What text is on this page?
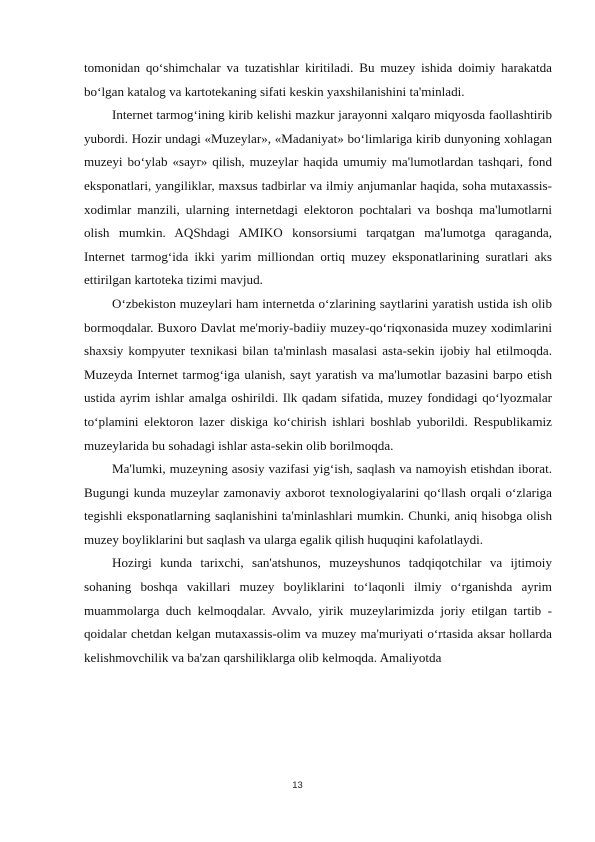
tomonidan qo‘shimchalar va tuzatishlar kiritiladi. Bu muzey ishida doimiy harakatda bo‘lgan katalog va kartotekaning sifati keskin yaxshilanishini ta'minladi.

Internet tarmog‘ining kirib kelishi mazkur jarayonni xalqaro miqyosda faollashtirib yubordi. Hozir undagi «Muzeylar», «Madaniyat» bo‘limlariga kirib dunyoning xohlagan muzeyi bo‘ylab «sayr» qilish, muzeylar haqida umumiy ma'lumotlardan tashqari, fond eksponatlari, yangiliklar, maxsus tadbirlar va ilmiy anjumanlar haqida, soha mutaxassis-xodimlar manzili, ularning internetdagi elektoron pochtalari va boshqa ma'lumotlarni olish mumkin. AQShdagi AMIKO konsorsiumi tarqatgan ma'lumotga qaraganda, Internet tarmog‘ida ikki yarim milliondan ortiq muzey eksponatlarining suratlari aks ettirilgan kartoteka tizimi mavjud.

O‘zbekiston muzeylari ham internetda o‘zlarining saytlarini yaratish ustida ish olib bormoqdalar. Buxoro Davlat me'moriy-badiiy muzey-qo‘riqxonasida muzey xodimlarini shaxsiy kompyuter texnikasi bilan ta'minlash masalasi asta-sekin ijobiy hal etilmoqda. Muzeyda Internet tarmog‘iga ulanish, sayt yaratish va ma'lumotlar bazasini barpo etish ustida ayrim ishlar amalga oshirildi. Ilk qadam sifatida, muzey fondidagi qo‘lyozmalar to‘plamini elektoron lazer diskiga ko‘chirish ishlari boshlab yuborildi. Respublikamiz muzeylarida bu sohadagi ishlar asta-sekin olib borilmoqda.

Ma'lumki, muzeyning asosiy vazifasi yig‘ish, saqlash va namoyish etishdan iborat. Bugungi kunda muzeylar zamonaviy axborot texnologiyalarini qo‘llash orqali o‘zlariga tegishli eksponatlarning saqlanishini ta'minlashlari mumkin. Chunki, aniq hisobga olish muzey boyliklarini but saqlash va ularga egalik qilish huquqini kafolatlaydi.

Hozirgi kunda tarixchi, san'atshunos, muzeyshunos tadqiqotchilar va ijtimoiy sohaning boshqa vakillari muzey boyliklarini to‘laqonli ilmiy o‘rganishda ayrim muammolarga duch kelmoqdalar. Avvalo, yirik muzeylarimizda joriy etilgan tartib - qoidalar chetdan kelgan mutaxassis-olim va muzey ma'muriyati o‘rtasida aksar hollarda kelishmovchilik va ba'zan qarshiliklarga olib kelmoqda. Amaliyotda

13
